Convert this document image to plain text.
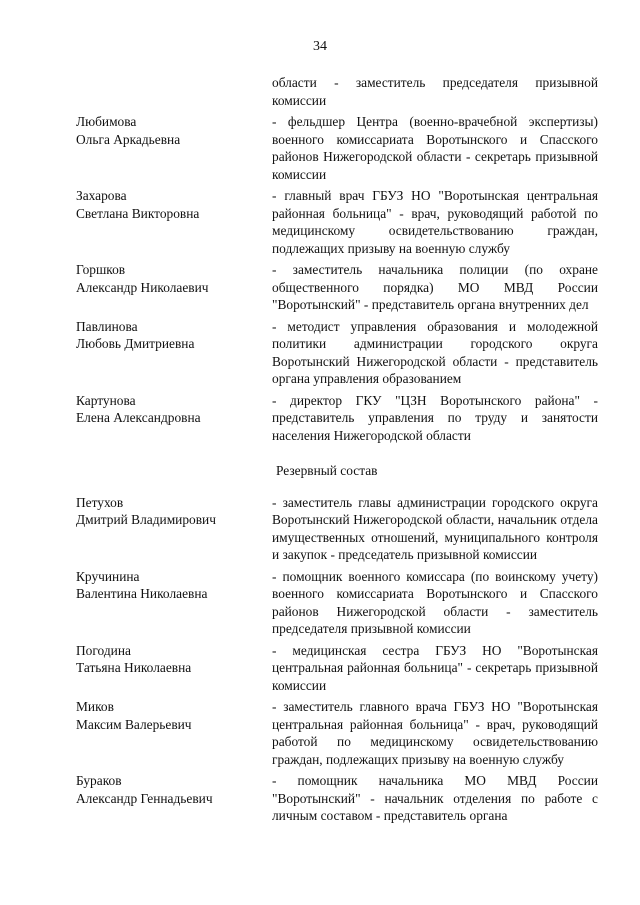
34
области - заместитель председателя призывной комиссии
Любимова
Ольга Аркадьевна
- фельдшер Центра (военно-врачебной экспертизы) военного комиссариата Воротынского и Спасского районов Нижегородской области - секретарь призывной комиссии
Захарова
Светлана Викторовна
- главный врач ГБУЗ НО "Воротынская центральная районная больница" - врач, руководящий работой по медицинскому освидетельствованию граждан, подлежащих призыву на военную службу
Горшков
Александр Николаевич
- заместитель начальника полиции (по охране общественного порядка) МО МВД России "Воротынский" - представитель органа внутренних дел
Павлинова
Любовь Дмитриевна
- методист управления образования и молодежной политики администрации городского округа Воротынский Нижегородской области - представитель органа управления образованием
Картунова
Елена Александровна
- директор ГКУ "ЦЗН Воротынского района" - представитель управления по труду и занятости населения Нижегородской области
Резервный состав
Петухов
Дмитрий Владимирович
- заместитель главы администрации городского округа Воротынский Нижегородской области, начальник отдела имущественных отношений, муниципального контроля и закупок - председатель призывной комиссии
Кручинина
Валентина Николаевна
- помощник военного комиссара (по воинскому учету) военного комиссариата Воротынского и Спасского районов Нижегородской области - заместитель председателя призывной комиссии
Погодина
Татьяна Николаевна
- медицинская сестра ГБУЗ НО "Воротынская центральная районная больница" - секретарь призывной комиссии
Миков
Максим Валерьевич
- заместитель главного врача ГБУЗ НО "Воротынская центральная районная больница" - врач, руководящий работой по медицинскому освидетельствованию граждан, подлежащих призыву на военную службу
Бураков
Александр Геннадьевич
- помощник начальника МО МВД России "Воротынский" - начальник отделения по работе с личным составом - представитель органа
